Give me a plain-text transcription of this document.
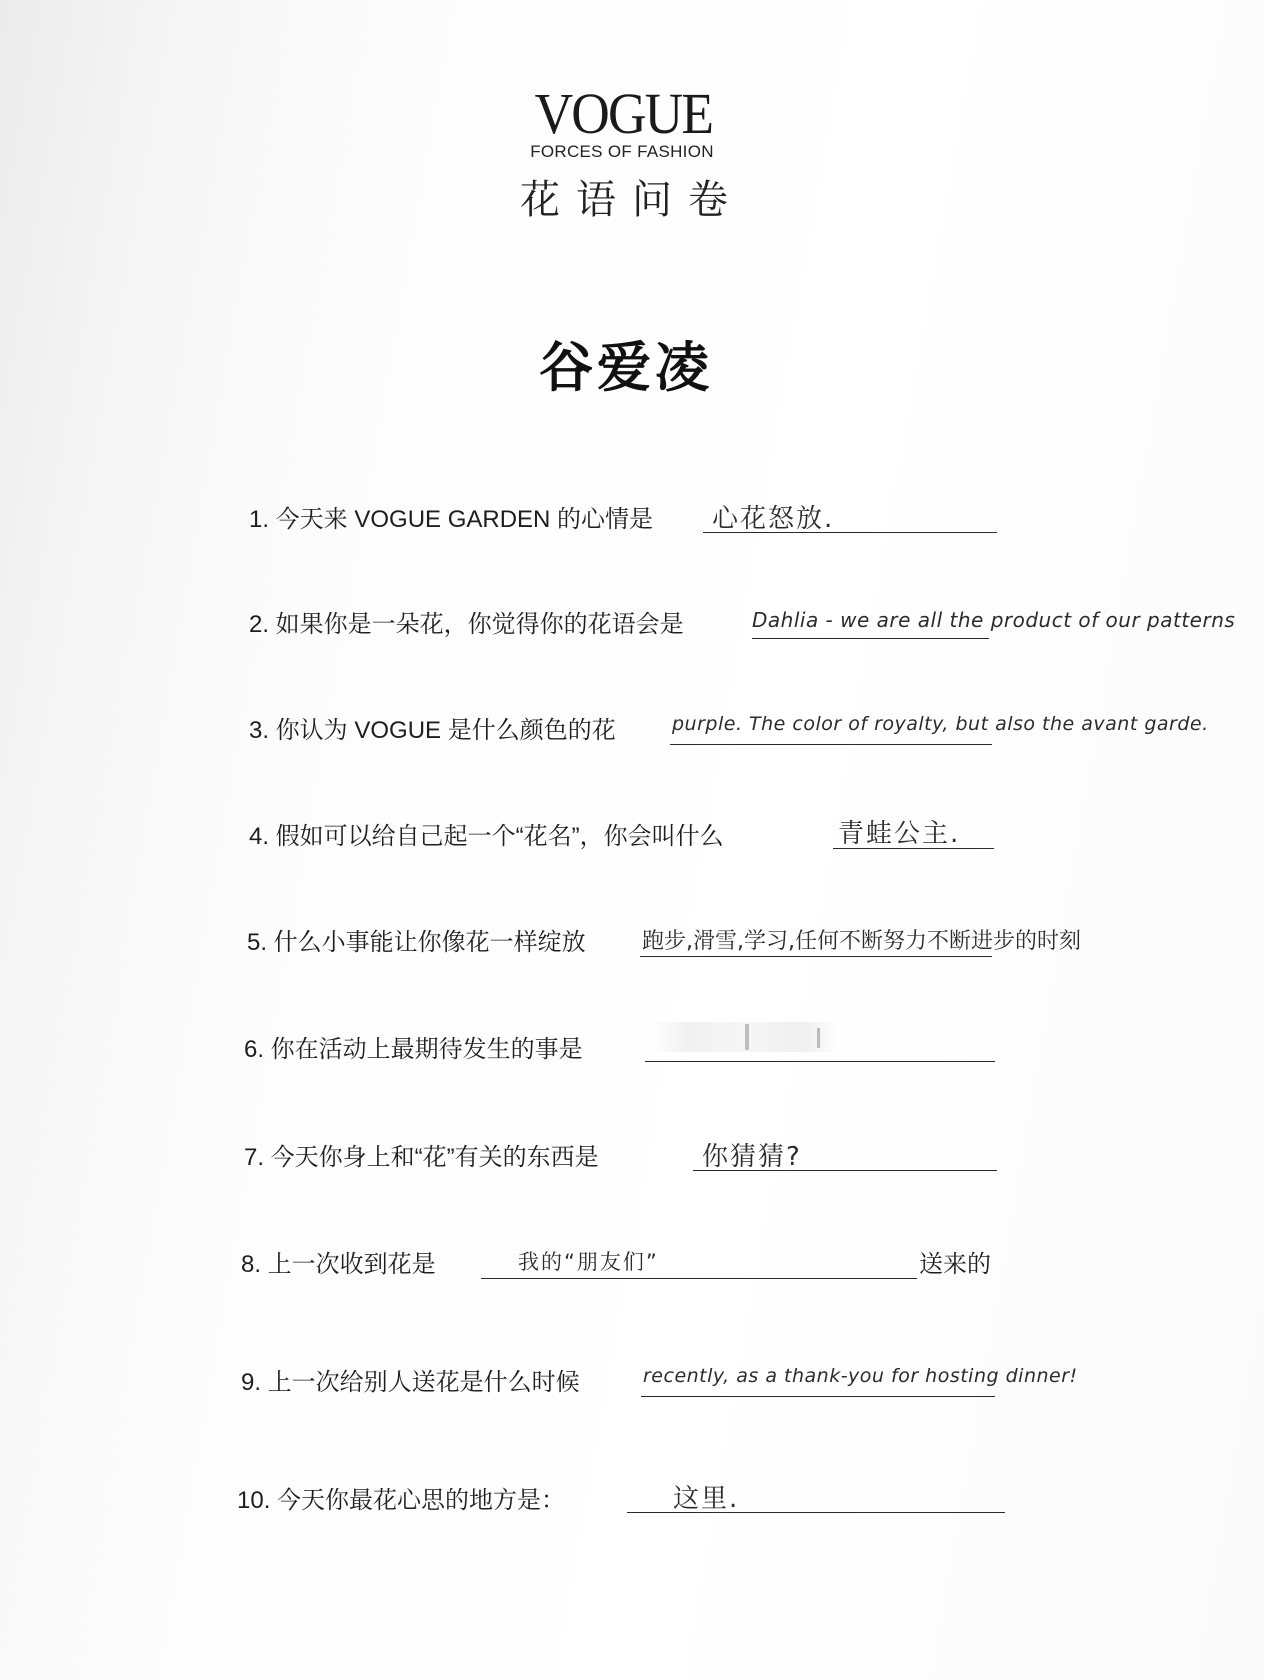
VOGUE
FORCES OF FASHION
花语问卷
谷爱凌
1. 今天来 VOGUE GARDEN 的心情是 心花怒放.
2. 如果你是一朵花，你觉得你的花语会是	Dahlia - we are all the product of our patterns
3. 你认为 VOGUE 是什么颜色的花	purple. The color of royalty, but also the avant garde.
4. 假如可以给自己起一个“花名”，你会叫什么	青蛙公主.
5. 什么小事能让你像花一样绽放	跑步,滑雪,学习,任何不断努力不断进步的时刻
6. 你在活动上最期待发生的事是
7. 今天你身上和“花”有关的东西是	你猜猜?
8. 上一次收到花是	我的“朋友们”	送来的
9. 上一次给别人送花是什么时候	recently, as a thank-you for hosting dinner!
10. 今天你最花心思的地方是：	这里.
